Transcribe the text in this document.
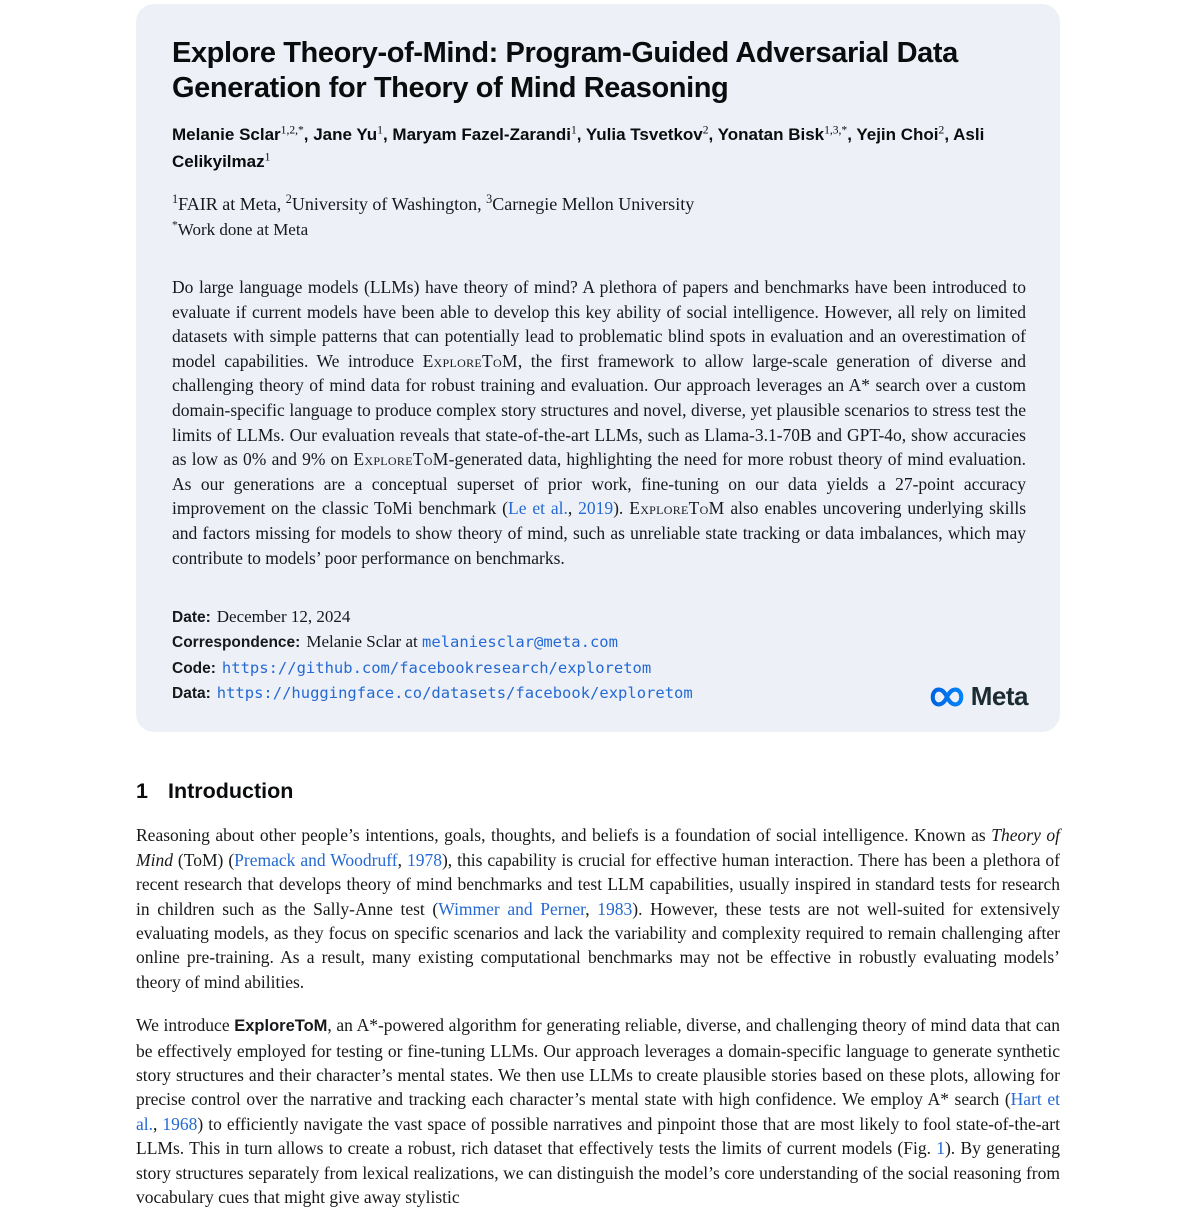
Explore Theory-of-Mind: Program-Guided Adversarial Data Generation for Theory of Mind Reasoning

Melanie Sclar$^{1,2,*}$, Jane Yu$^1$, Maryam Fazel-Zarandi$^1$, Yulia Tsvetkov$^2$, Yonatan Bisk$^{1,3,*}$, Yejin Choi$^2$, Asli Celikyilmaz$^1$

$^1$FAIR at Meta, $^2$University of Washington, $^3$Carnegie Mellon University

*Work done at Meta

Do large language models (LLMs) have theory of mind? A plethora of papers and benchmarks have been introduced to evaluate if current models have been able to develop this key ability of social intelligence. However, all rely on limited datasets with simple patterns that can potentially lead to problematic blind spots in evaluation and an overestimation of model capabilities. We introduce ExploreToM, the first framework to allow large-scale generation of diverse and challenging theory of mind data for robust training and evaluation. Our approach leverages an A* search over a custom domain-specific language to produce complex story structures and novel, diverse, yet plausible scenarios to stress test the limits of LLMs. Our evaluation reveals that state-of-the-art LLMs, such as Llama-3.1-70B and GPT-4o, show accuracies as low as 0% and 9% on ExploreToM-generated data, highlighting the need for more robust theory of mind evaluation. As our generations are a conceptual superset of prior work, fine-tuning on our data yields a 27-point accuracy improvement on the classic ToMi benchmark (Le et al., 2019). ExploreToM also enables uncovering underlying skills and factors missing for models to show theory of mind, such as unreliable state tracking or data imbalances, which may contribute to models’ poor performance on benchmarks.

Date: December 12, 2024
Correspondence: Melanie Sclar at melaniesclar@meta.com
Code: https://github.com/facebookresearch/exploretom
Data: https://huggingface.co/datasets/facebook/exploretom	Meta
1 Introduction

Reasoning about other people’s intentions, goals, thoughts, and beliefs is a foundation of social intelligence. Known as Theory of Mind (ToM) (Premack and Woodruff, 1978), this capability is crucial for effective human interaction. There has been a plethora of recent research that develops theory of mind benchmarks and test LLM capabilities, usually inspired in standard tests for research in children such as the Sally-Anne test (Wimmer and Perner, 1983). However, these tests are not well-suited for extensively evaluating models, as they focus on specific scenarios and lack the variability and complexity required to remain challenging after online pre-training. As a result, many existing computational benchmarks may not be effective in robustly evaluating models’ theory of mind abilities.

We introduce ExploreToM, an A*-powered algorithm for generating reliable, diverse, and challenging theory of mind data that can be effectively employed for testing or fine-tuning LLMs. Our approach leverages a domain-specific language to generate synthetic story structures and their character’s mental states. We then use LLMs to create plausible stories based on these plots, allowing for precise control over the narrative and tracking each character’s mental state with high confidence. We employ A* search (Hart et al., 1968) to efficiently navigate the vast space of possible narratives and pinpoint those that are most likely to fool state-of-the-art LLMs. This in turn allows to create a robust, rich dataset that effectively tests the limits of current models (Fig. 1). By generating story structures separately from lexical realizations, we can distinguish the model’s core understanding of the social reasoning from vocabulary cues that might give away stylistic
